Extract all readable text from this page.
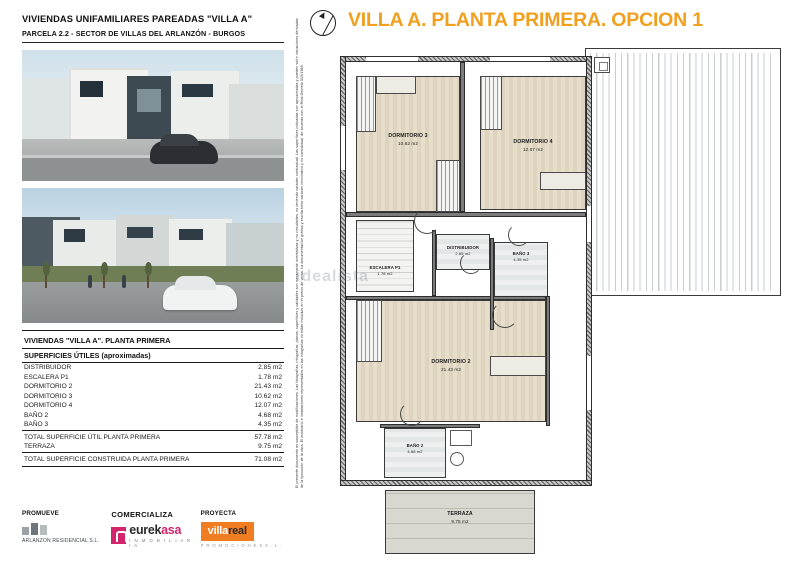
VIVIENDAS UNIFAMILIARES PAREADAS "VILLA A"
PARCELA 2.2 - SECTOR DE VILLAS DEL ARLANZÓN - BURGOS
VIVIENDAS "VILLA A". PLANTA PRIMERA
SUPERFICIES ÚTILES (aproximadas)
DISTRIBUIDOR	2.85 m2
ESCALERA P1	1.78 m2
DORMITORIO 2	21.43 m2
DORMITORIO 3	10.62 m2
DORMITORIO 4	12.07 m2
BAÑO 2	4.68 m2
BAÑO 3	4.35 m2
TOTAL SUPERFICIE ÚTIL PLANTA PRIMERA	57.78 m2
TERRAZA	9.75 m2
TOTAL SUPERFICIE CONSTRUIDA PLANTA PRIMERA	71.08 m2
PROMUEVE
ARLANZON RESIDENCIAL S.L.
COMERCIALIZA
eurekasa
I N M O B I L I A R I A
PROYECTA
villareal
P R O M O C I O N E S S . L .
El presente documento es susceptible de modificaciones. Las fotografías, infografías, planos, superficies y calidades son meramente orientativas y no vinculantes, no teniendo carácter contractual. Las superficies indicadas son aproximadas y pueden sufrir variaciones derivadas de la ejecución de la obra. El mobiliario e instalaciones representados en las infografías no están incluidos en el precio de venta. La documentación gráfica y escrita tiene carácter informativo y no contractual, de acuerdo con el Real Decreto 515/1989.
VILLA A. PLANTA PRIMERA. OPCION 1
DORMITORIO 3
10.62 m2	DORMITORIO 4
12.07 m2
ESCALERA P1
1.78 m2
DISTRIBUIDOR
2.85 m2	BAÑO 3
4.35 m2
DORMITORIO 2
21.43 m2
BAÑO 2
4.68 m2
TERRAZA
9.75 m2
idealista
